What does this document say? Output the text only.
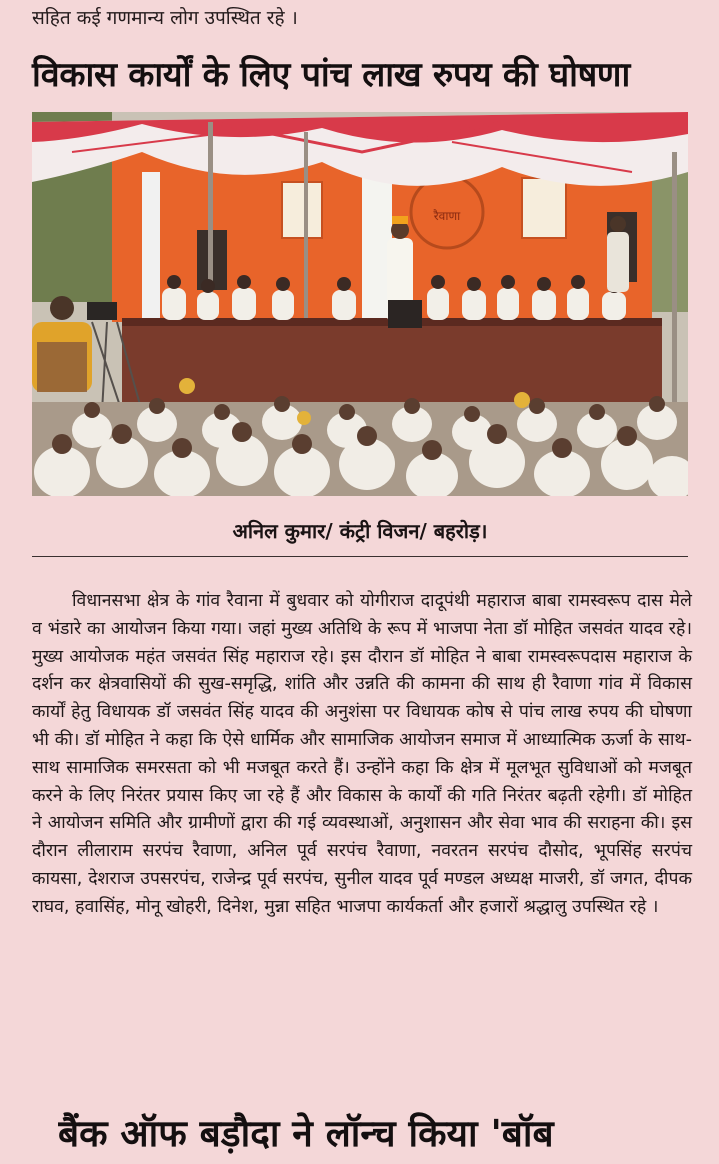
सहित कई गणमान्य लोग उपस्थित रहे ।
विकास कार्यों के लिए पांच लाख रुपय की घोषणा
रैवाणा
अनिल कुमार/ कंट्री विजन/ बहरोड़।

विधानसभा क्षेत्र के गांव रैवाना में बुधवार को योगीराज दादूपंथी महाराज बाबा रामस्वरूप दास मेले व भंडारे का आयोजन किया गया। जहां मुख्य अतिथि के रूप में भाजपा नेता डॉ मोहित जसवंत यादव रहे। मुख्य आयोजक महंत जसवंत सिंह महाराज रहे। इस दौरान डॉ मोहित ने बाबा रामस्वरूपदास महाराज के दर्शन कर क्षेत्रवासियों की सुख-समृद्धि, शांति और उन्नति की कामना की साथ ही रैवाणा गांव में विकास कार्यों हेतु विधायक डॉ जसवंत सिंह यादव की अनुशंसा पर विधायक कोष से पांच लाख रुपय की घोषणा भी की। डॉ मोहित ने कहा कि ऐसे धार्मिक और सामाजिक आयोजन समाज में आध्यात्मिक ऊर्जा के साथ-साथ सामाजिक समरसता को भी मजबूत करते हैं। उन्होंने कहा कि क्षेत्र में मूलभूत सुविधाओं को मजबूत करने के लिए निरंतर प्रयास किए जा रहे हैं और विकास के कार्यों की गति निरंतर बढ़ती रहेगी। डॉ मोहित ने आयोजन समिति और ग्रामीणों द्वारा की गई व्यवस्थाओं, अनुशासन और सेवा भाव की सराहना की। इस दौरान लीलाराम सरपंच रैवाणा, अनिल पूर्व सरपंच रैवाणा, नवरतन सरपंच दौसोद, भूपसिंह सरपंच कायसा, देशराज उपसरपंच, राजेन्द्र पूर्व सरपंच, सुनील यादव पूर्व मण्डल अध्यक्ष माजरी, डॉ जगत, दीपक राघव, हवासिंह, मोनू खोहरी, दिनेश, मुन्ना सहित भाजपा कार्यकर्ता और हजारों श्रद्धालु उपस्थित रहे ।

बैंक ऑफ बड़ौदा ने लॉन्च किया 'बॉब
